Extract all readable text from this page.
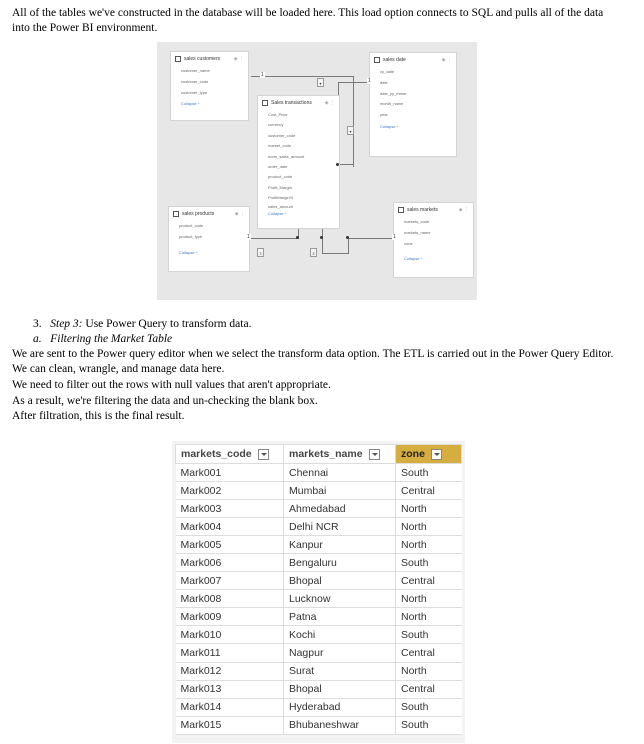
All of the tables we've constructed in the database will be loaded here. This load option connects to SQL and pulls all of the data

into the Power BI environment.

sales customers	◈ ⋮
customer_name
customer_code
customer_type
Collapse ^
sales date	◈ ⋮
cy_date
date
date_yy_mmm
month_name
year
Collapse ^
Sales transactions	◈ ⋮
Cost_Price
currency
customer_code
market_code
norm_sales_amount
order_date
product_code
Profit_Margin
ProfitMargin%
sales_amount
Collapse ^
sales products	◈ ⋮
product_code
product_type
Collapse ^
sales markets	◈ ⋮
markets_code
markets_name
zone
Collapse ^
1
1
1	1
▾
▾
3	4

3. Step 3: Use Power Query to transform data.

a. Filtering the Market Table

We are sent to the Power query editor when we select the transform data option. The ETL is carried out in the Power Query Editor.

We can clean, wrangle, and manage data here.

We need to filter out the rows with null values that aren't appropriate.

As a result, we're filtering the data and un-checking the blank box.

After filtration, this is the final result.

markets_code	markets_name	zone
Mark001	Chennai	South
Mark002	Mumbai	Central
Mark003	Ahmedabad	North
Mark004	Delhi NCR	North
Mark005	Kanpur	North
Mark006	Bengaluru	South
Mark007	Bhopal	Central
Mark008	Lucknow	North
Mark009	Patna	North
Mark010	Kochi	South
Mark011	Nagpur	Central
Mark012	Surat	North
Mark013	Bhopal	Central
Mark014	Hyderabad	South
Mark015	Bhubaneshwar	South
